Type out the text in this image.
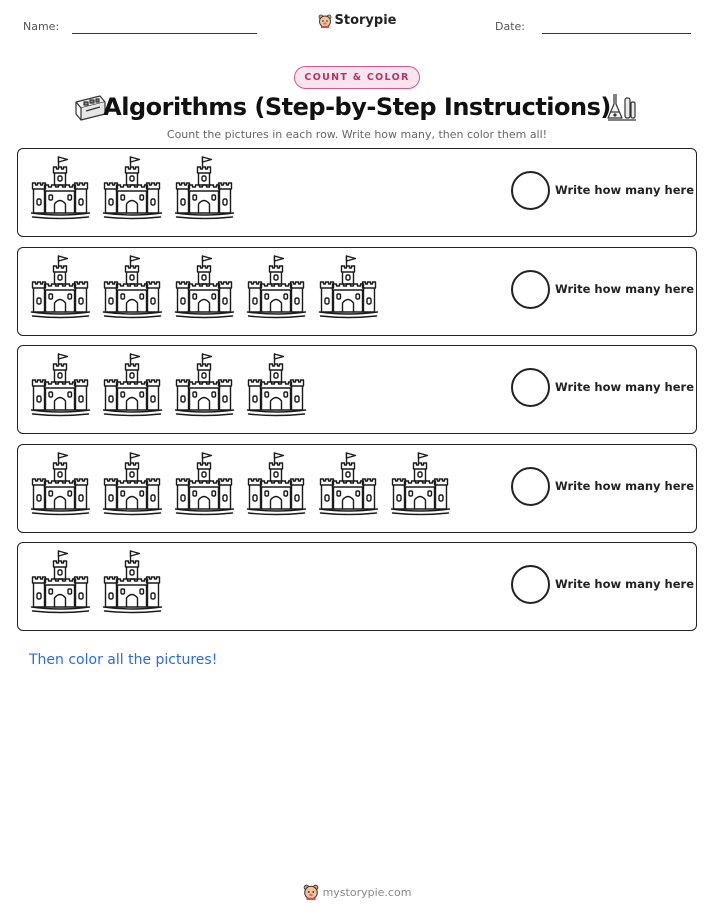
Name:	Storypie	Date:
COUNT & COLOR
Algorithms (Step-by-Step Instructions)
Count the pictures in each row. Write how many, then color them all!
Write how many here
Write how many here
Write how many here
Write how many here
Write how many here
Then color all the pictures!
mystorypie.com
